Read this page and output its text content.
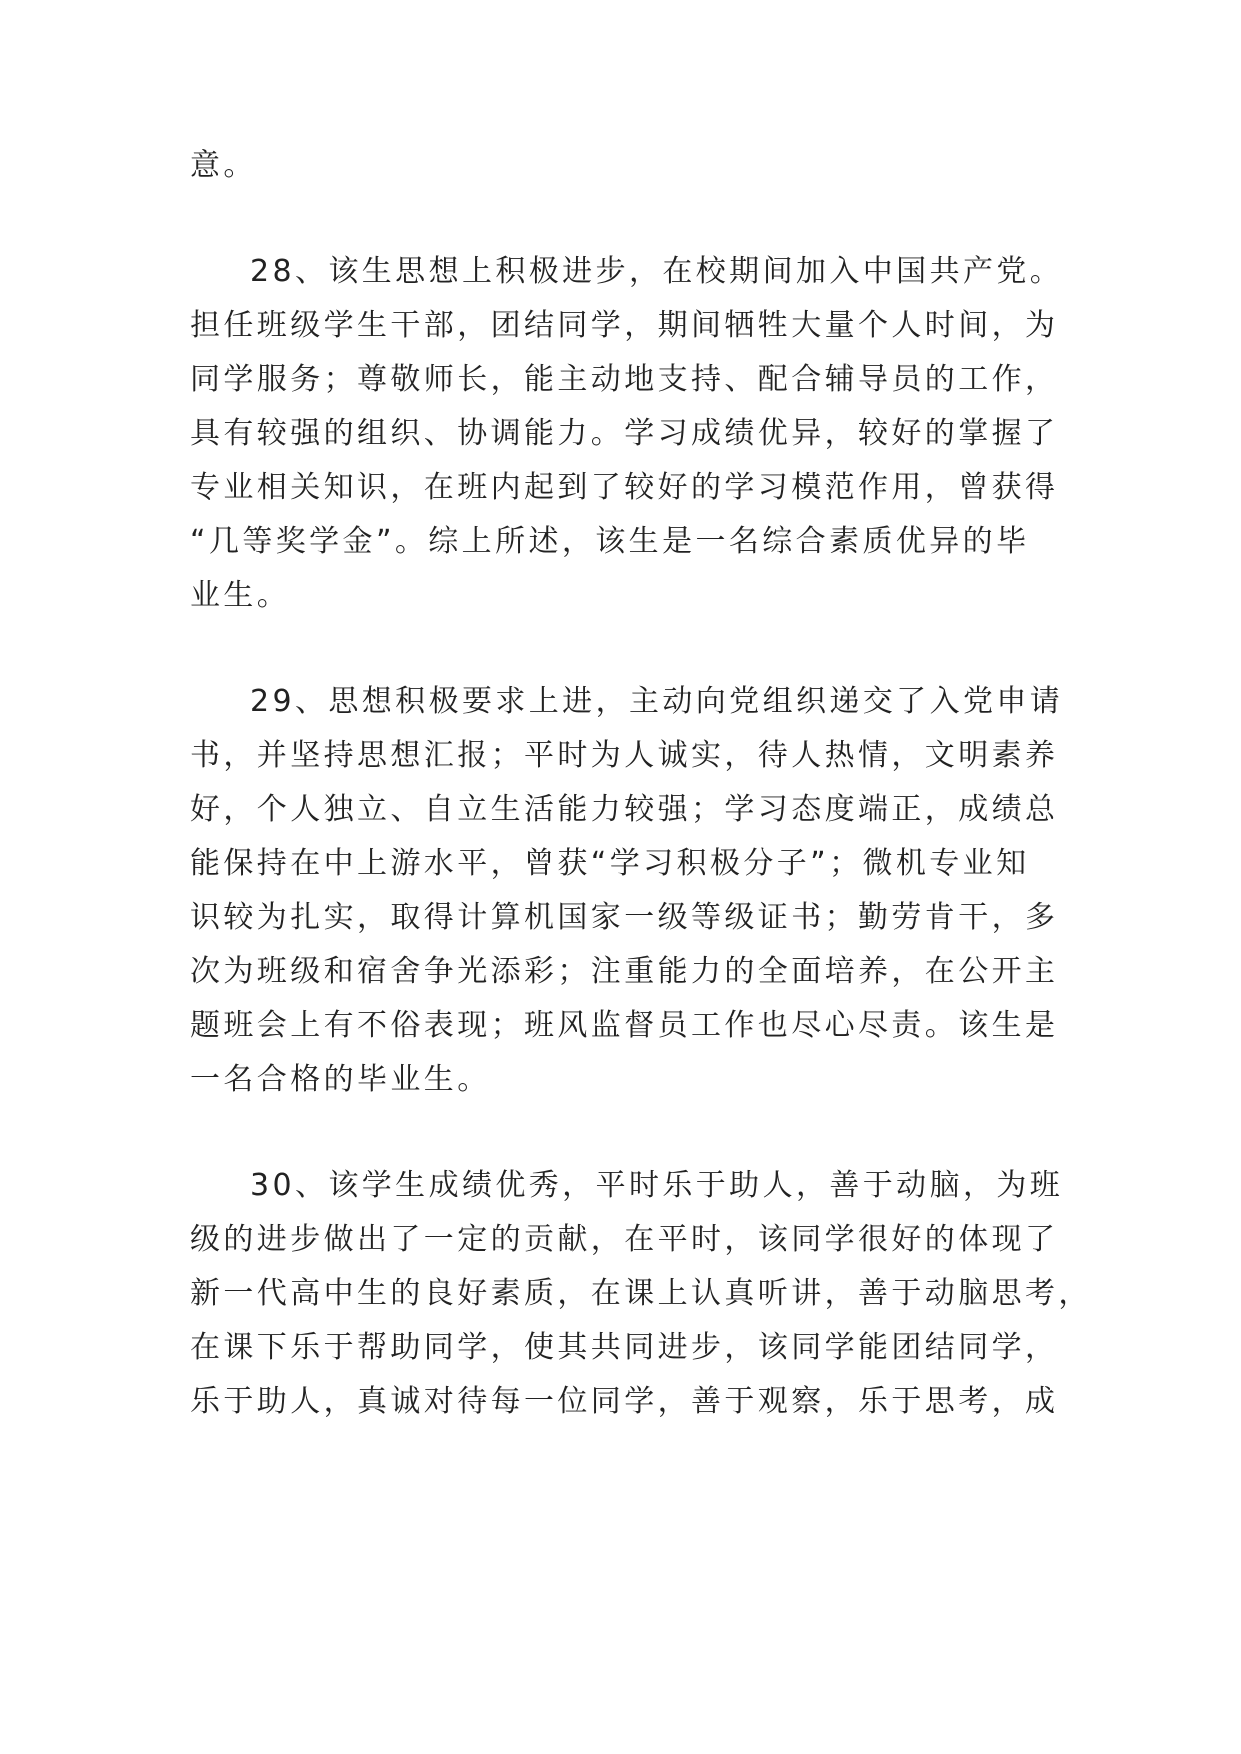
意。
28、该生思想上积极进步，在校期间加入中国共产党。
担任班级学生干部，团结同学，期间牺牲大量个人时间，为
同学服务；尊敬师长，能主动地支持、配合辅导员的工作，
具有较强的组织、协调能力。学习成绩优异，较好的掌握了
专业相关知识，在班内起到了较好的学习模范作用，曾获得
“几等奖学金”。综上所述，该生是一名综合素质优异的毕
业生。
29、思想积极要求上进，主动向党组织递交了入党申请
书，并坚持思想汇报；平时为人诚实，待人热情，文明素养
好，个人独立、自立生活能力较强；学习态度端正，成绩总
能保持在中上游水平，曾获“学习积极分子”；微机专业知
识较为扎实，取得计算机国家一级等级证书；勤劳肯干，多
次为班级和宿舍争光添彩；注重能力的全面培养，在公开主
题班会上有不俗表现；班风监督员工作也尽心尽责。该生是
一名合格的毕业生。
30、该学生成绩优秀，平时乐于助人，善于动脑，为班
级的进步做出了一定的贡献，在平时，该同学很好的体现了
新一代高中生的良好素质，在课上认真听讲，善于动脑思考，
在课下乐于帮助同学，使其共同进步，该同学能团结同学，
乐于助人，真诚对待每一位同学，善于观察，乐于思考，成
